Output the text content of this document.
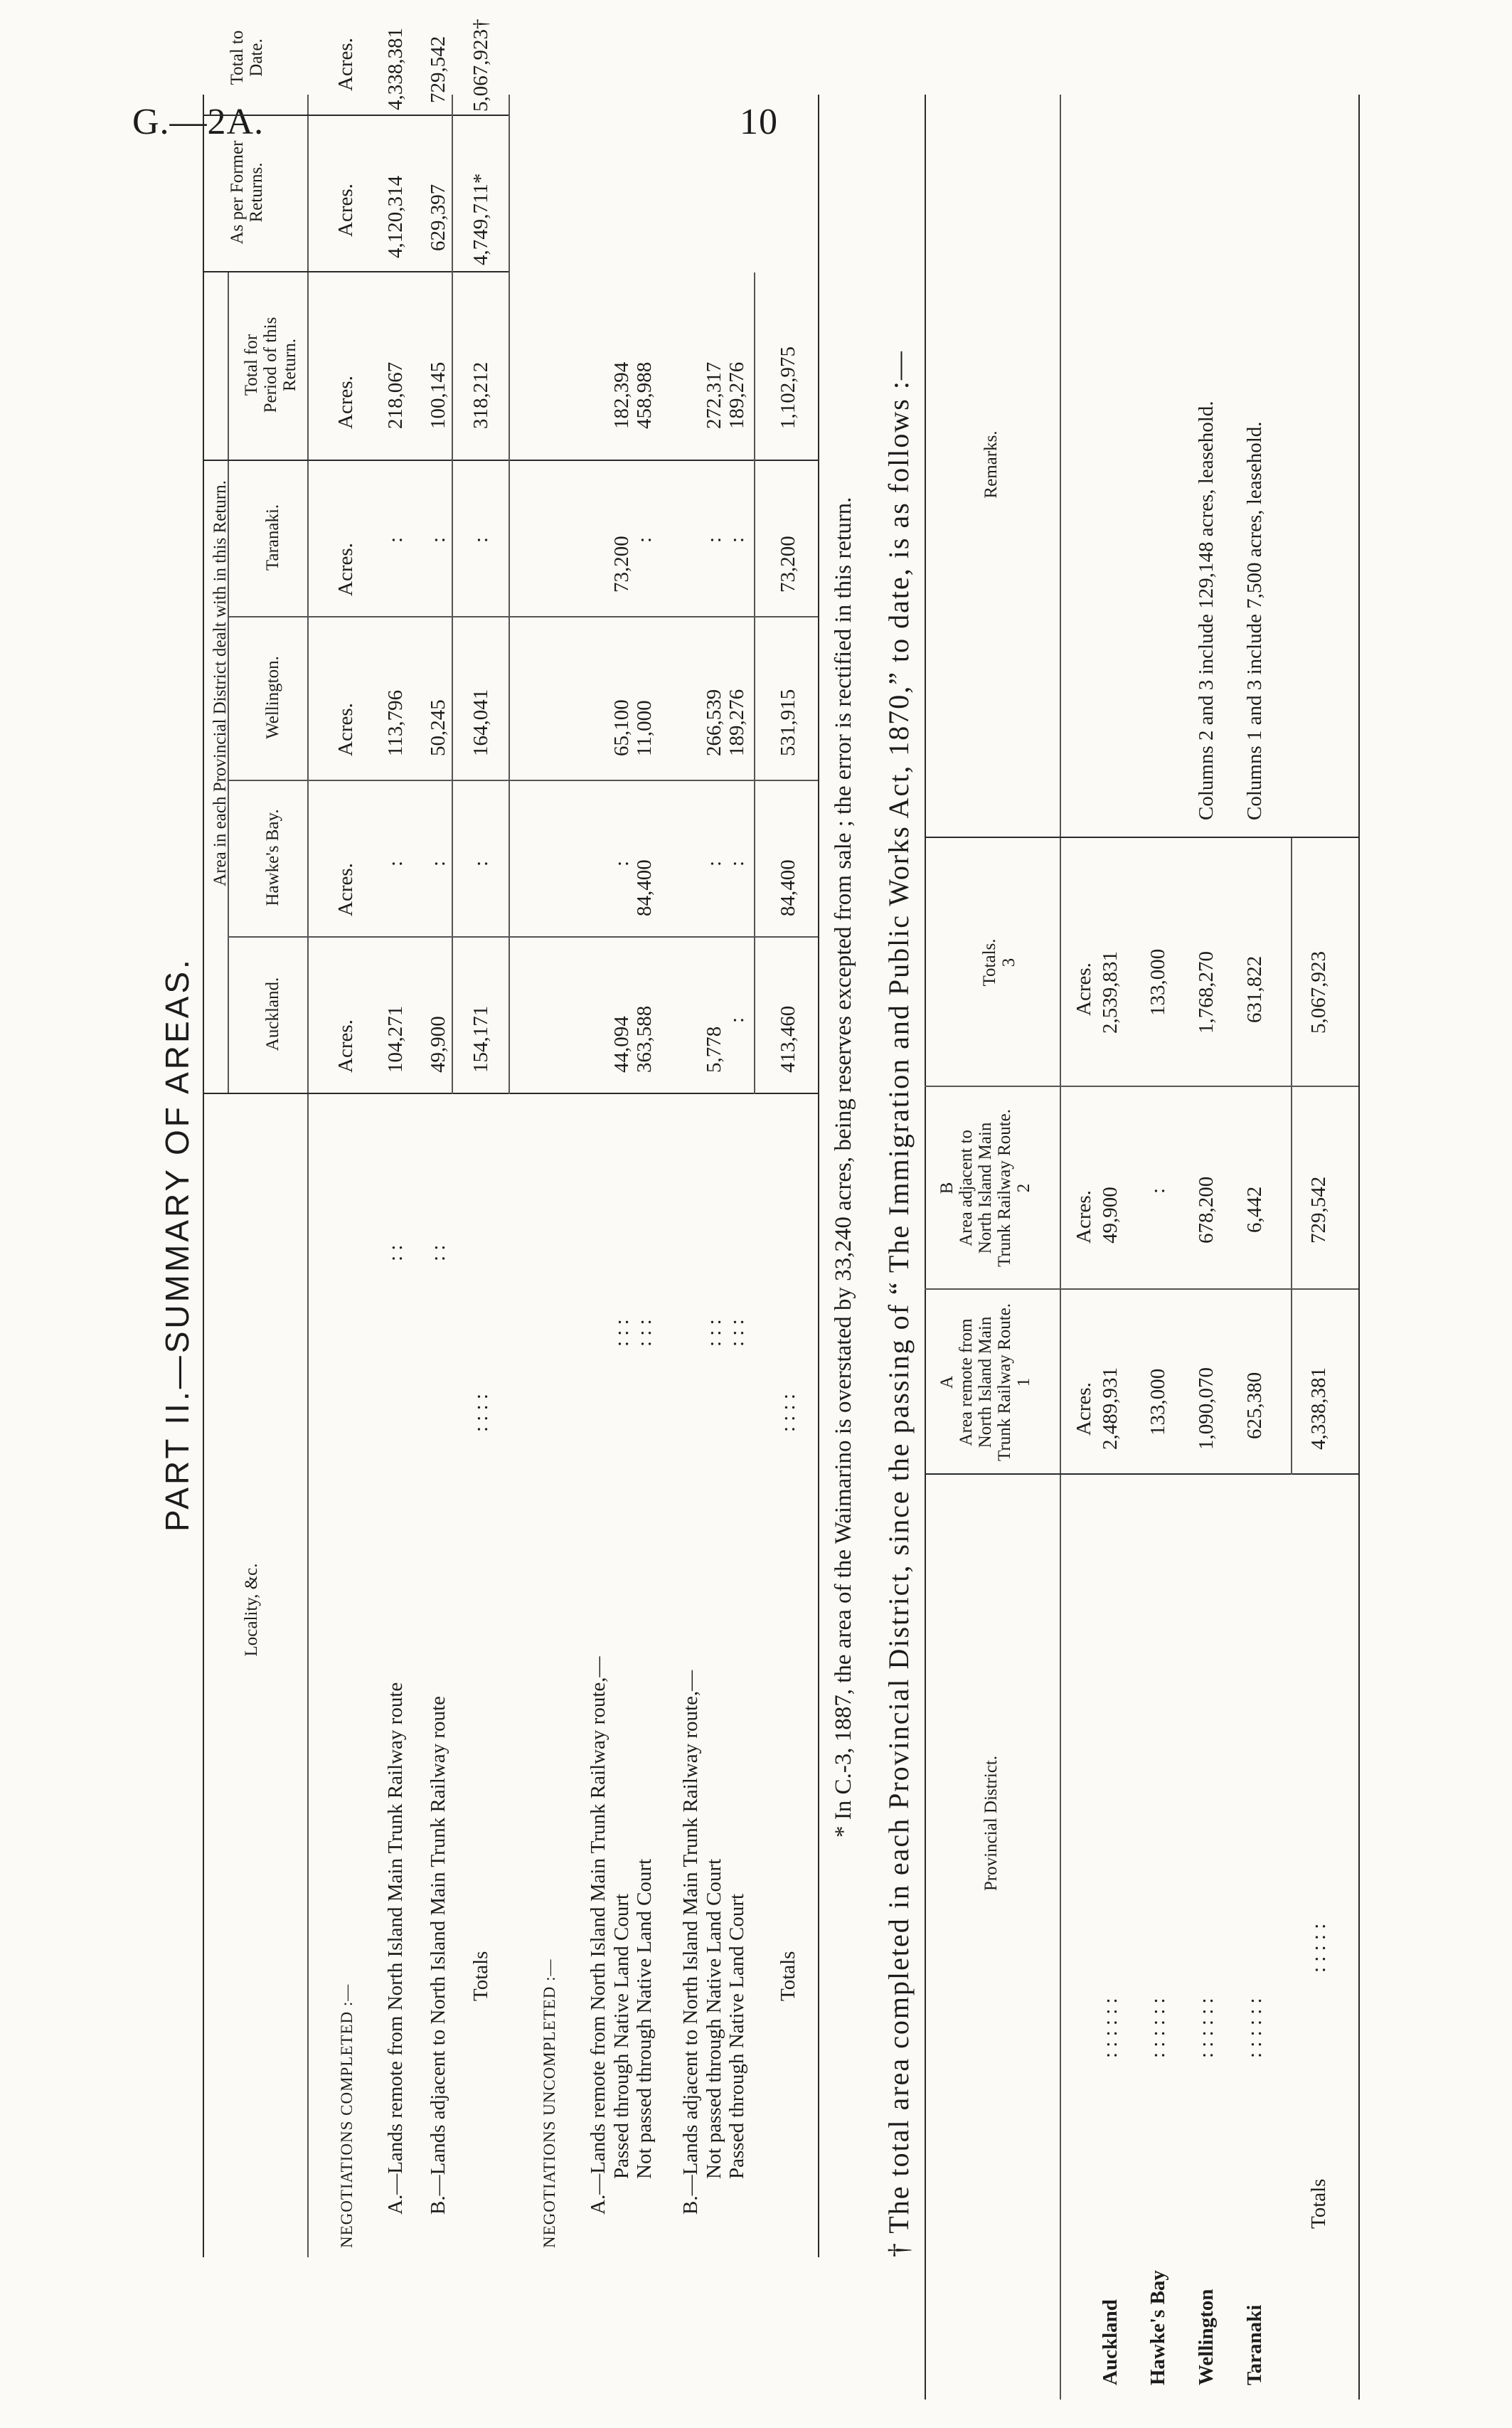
G.—2A.	10
PART II.—SUMMARY OF AREAS.
Locality, &c.
Area in each Provincial District dealt with in this Return.
Auckland.
Hawke's Bay.
Wellington.
Taranaki.
Total for Period of this Return.
As per Former Returns.
Total to Date.
Acres.
Acres.
Acres.
Acres.
Acres.
Acres.
Acres.
NEGOTIATIONS COMPLETED :— A.—Lands remote from North Island Main Trunk Railway route
: :
104,271
:
113,796
:
218,067
4,120,314
4,338,381
B.—Lands adjacent to North Island Main Trunk Railway route
: :
49,900
:
50,245
:
100,145
629,397
729,542
Totals
: : : :
154,171
:
164,041
:
318,212
4,749,711*
5,067,923†
NEGOTIATIONS UNCOMPLETED :— A.—Lands remote from North Island Main Trunk Railway route,— Passed through Native Land Court
: : :
44,094
:
65,100
73,200
182,394
Not passed through Native Land Court
: : :
363,588
84,400
11,000
:
458,988
B.—Lands adjacent to North Island Main Trunk Railway route,— Not passed through Native Land Court
: : :
5,778
:
266,539
:
272,317
Passed through Native Land Court
: : :
:
:
189,276
:
189,276
Totals
: : : :
413,460
84,400
531,915
73,200
1,102,975
* In C.-3, 1887, the area of the Waimarino is overstated by 33,240 acres, being reserves excepted from sale ; the error is rectified in this return. † The total area completed in each Provincial District, since the passing of “ The Immigration and Public Works Act, 1870,” to date, is as follows :—	Provincial District.
A Area remote from North Island Main Trunk Railway Route. 1
B Area adjacent to North Island Main Trunk Railway Route. 2
Totals. 3
Remarks.
Acres.
Acres.
Acres.
Auckland
: : : : : :
2,489,931
49,900
2,539,831
Hawke's Bay
: : : : : :
133,000
:
133,000
Wellington
: : : : : :
1,090,070
678,200
1,768,270
Columns 2 and 3 include 129,148 acres, leasehold.
Taranaki
: : : : : :
625,380
6,442
631,822
Columns 1 and 3 include 7,500 acres, leasehold.
Totals
: : : : :
4,338,381
729,542
5,067,923
